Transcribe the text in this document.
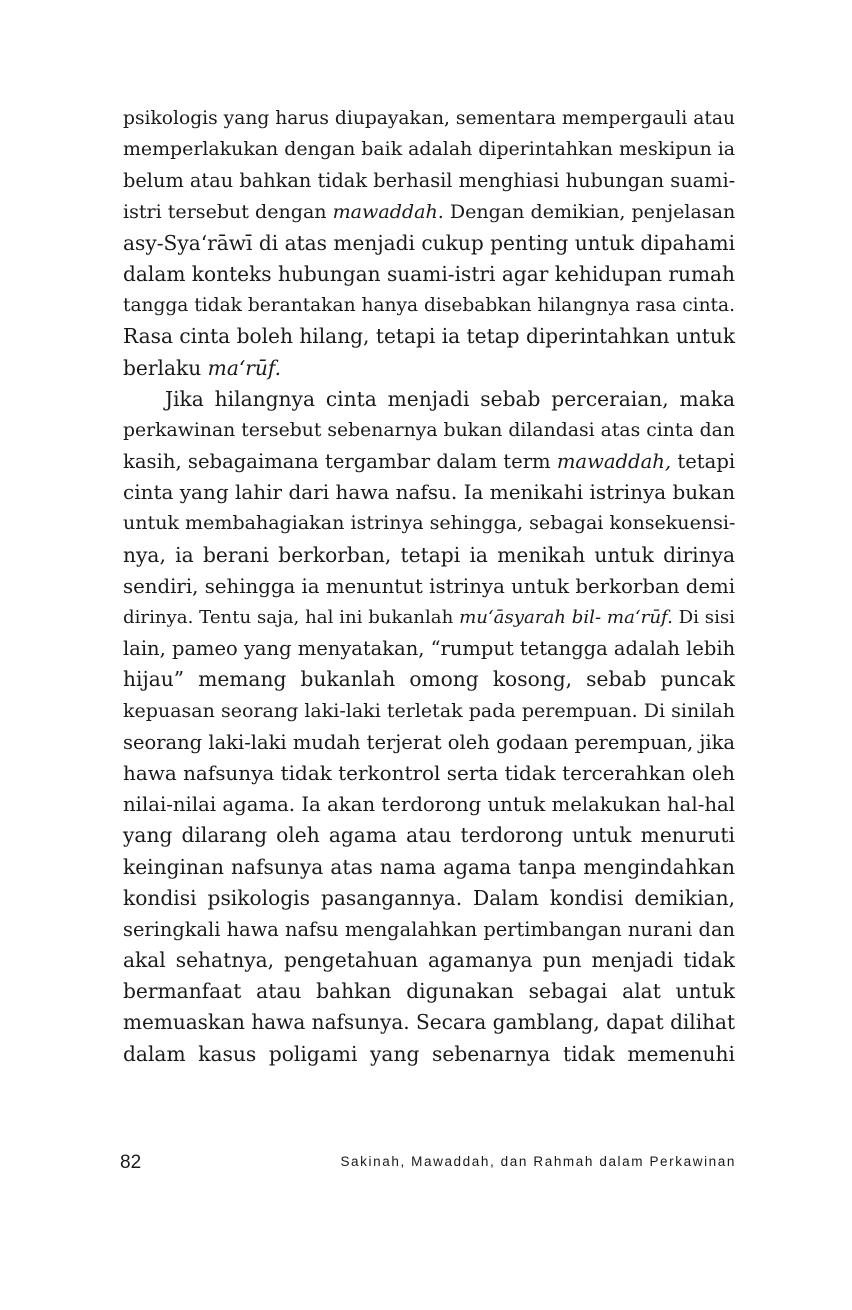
psikologis yang harus diupayakan, sementara mempergauli atau
memperlakukan dengan baik adalah diperintahkan meskipun ia
belum atau bahkan tidak berhasil menghiasi hubungan suami-
istri tersebut dengan mawaddah. Dengan demikian, penjelasan
asy-Sya‘rāwī di atas menjadi cukup penting untuk dipahami
dalam konteks hubungan suami-istri agar kehidupan rumah
tangga tidak berantakan hanya disebabkan hilangnya rasa cinta.
Rasa cinta boleh hilang, tetapi ia tetap diperintahkan untuk
berlaku ma‘rūf.
Jika hilangnya cinta menjadi sebab perceraian, maka
perkawinan tersebut sebenarnya bukan dilandasi atas cinta dan
kasih, sebagaimana tergambar dalam term mawaddah, tetapi
cinta yang lahir dari hawa nafsu. Ia menikahi istrinya bukan
untuk membahagiakan istrinya sehingga, sebagai konsekuensi-
nya, ia berani berkorban, tetapi ia menikah untuk dirinya
sendiri, sehingga ia menuntut istrinya untuk berkorban demi
dirinya. Tentu saja, hal ini bukanlah mu‘āsyarah bil- ma‘rūf. Di sisi
lain, pameo yang menyatakan, “rumput tetangga adalah lebih
hijau” memang bukanlah omong kosong, sebab puncak
kepuasan seorang laki-laki terletak pada perempuan. Di sinilah
seorang laki-laki mudah terjerat oleh godaan perempuan, jika
hawa nafsunya tidak terkontrol serta tidak tercerahkan oleh
nilai-nilai agama. Ia akan terdorong untuk melakukan hal-hal
yang dilarang oleh agama atau terdorong untuk menuruti
keinginan nafsunya atas nama agama tanpa mengindahkan
kondisi psikologis pasangannya. Dalam kondisi demikian,
seringkali hawa nafsu mengalahkan pertimbangan nurani dan
akal sehatnya, pengetahuan agamanya pun menjadi tidak
bermanfaat atau bahkan digunakan sebagai alat untuk
memuaskan hawa nafsunya. Secara gamblang, dapat dilihat
dalam kasus poligami yang sebenarnya tidak memenuhi
82	Sakinah, Mawaddah, dan Rahmah dalam Perkawinan
